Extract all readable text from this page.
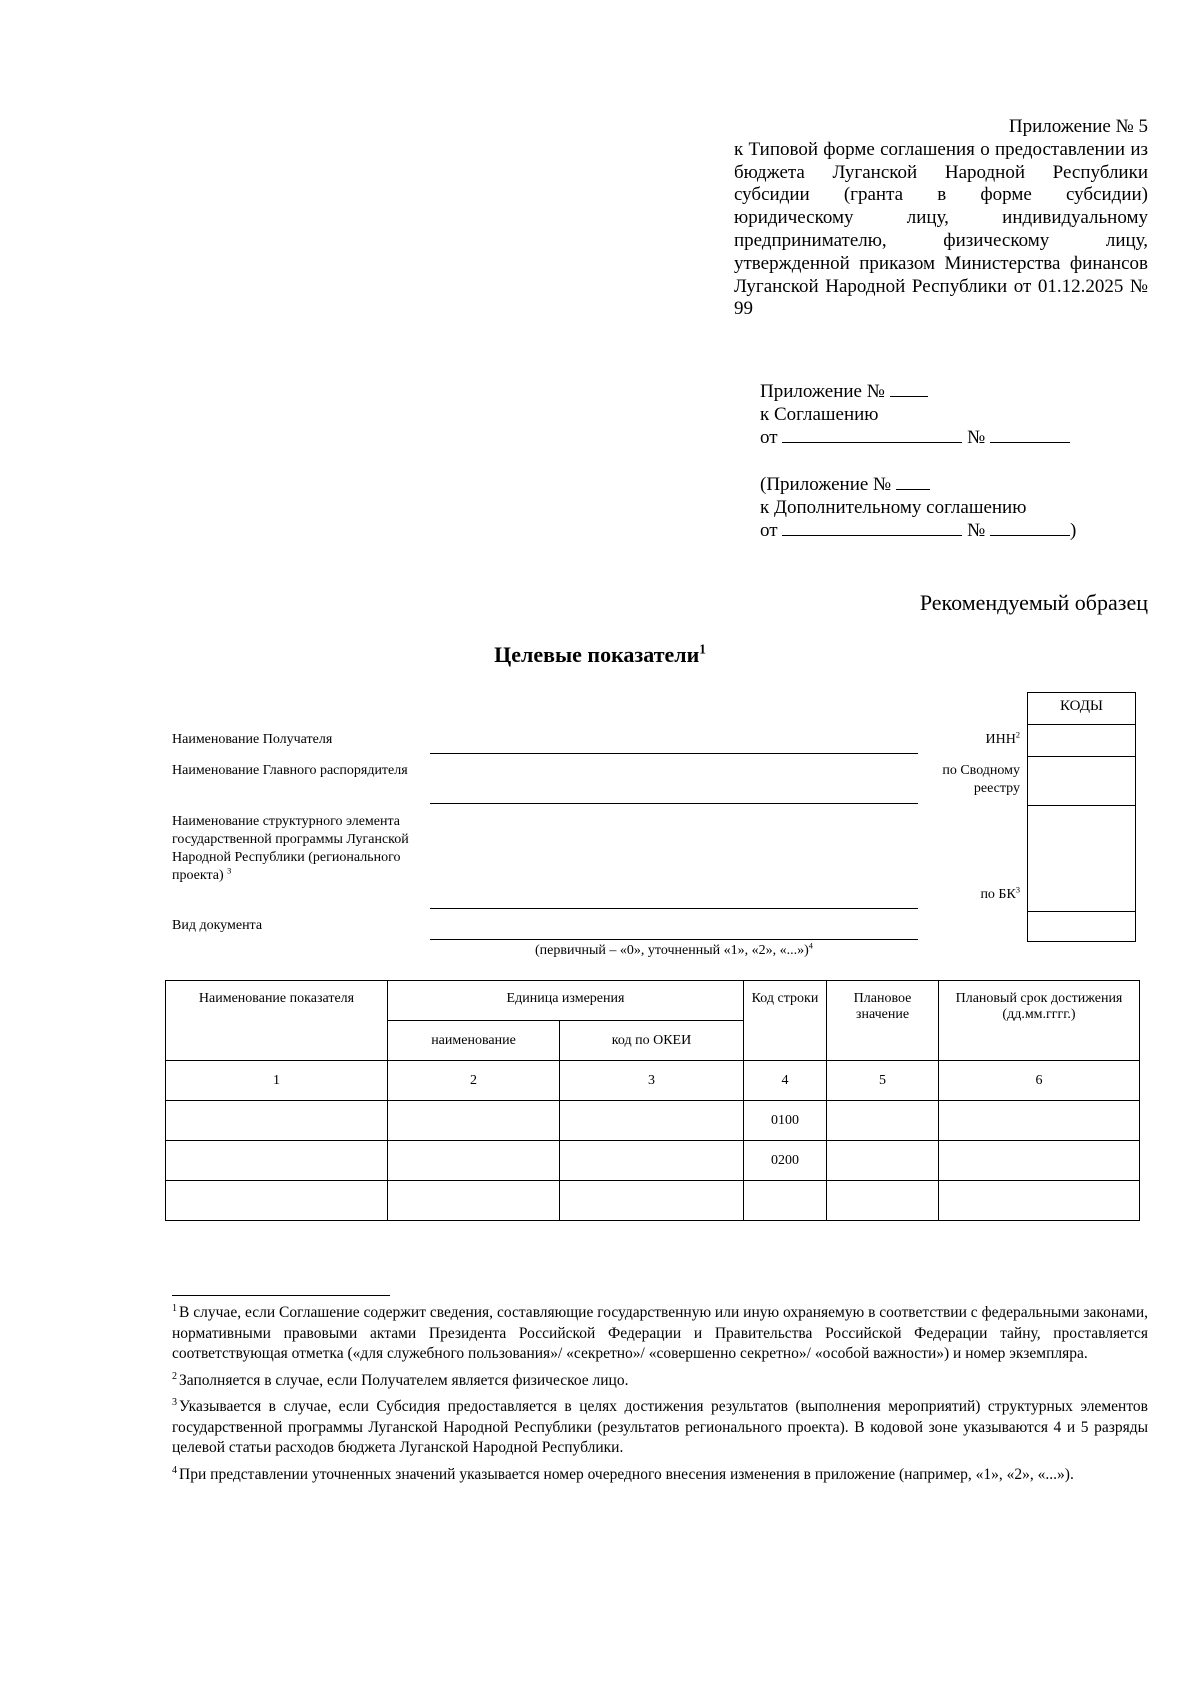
Приложение № 5
к Типовой форме соглашения о предоставлении из бюджета Луганской Народной Республики субсидии (гранта в форме субсидии) юридическому лицу, индивидуальному предпринимателю, физическому лицу, утвержденной приказом Министерства финансов Луганской Народной Республики от 01.12.2025 № 99
Приложение №
к Соглашению
от	№
(Приложение №
к Дополнительному соглашению
от	№	)
Рекомендуемый образец
Целевые показатели$^1$
КОДЫ
Наименование Получателя	ИНН$^2$
Наименование Главного распорядителя	по Сводному реестру
Наименование структурного элемента государственной программы Луганской Народной Республики (регионального проекта) $^3$
по $БК^3$
Вид документа
(первичный – «0», уточненный «1», «2», «...»)$^4$
Наименование показателя	Единица измерения		Код строки	Плановое значение	Плановый срок достижения (дд.мм.гггг.)
	наименование	код по ОКЕИ			
1	2	3	4	5	6
			0100		
			0200		

$^1$ В случае, если Соглашение содержит сведения, составляющие государственную или иную охраняемую в соответствии с федеральными законами, нормативными правовыми актами Президента Российской Федерации и Правительства Российской Федерации тайну, проставляется соответствующая отметка («для служебного пользования»/ «секретно»/ «совершенно секретно»/ «особой важности») и номер экземпляра.
$^2$ Заполняется в случае, если Получателем является физическое лицо.
$^3$ Указывается в случае, если Субсидия предоставляется в целях достижения результатов (выполнения мероприятий) структурных элементов государственной программы Луганской Народной Республики (результатов регионального проекта). В кодовой зоне указываются 4 и 5 разряды целевой статьи расходов бюджета Луганской Народной Республики.
$^4$ При представлении уточненных значений указывается номер очередного внесения изменения в приложение (например, «1», «2», «...»).
